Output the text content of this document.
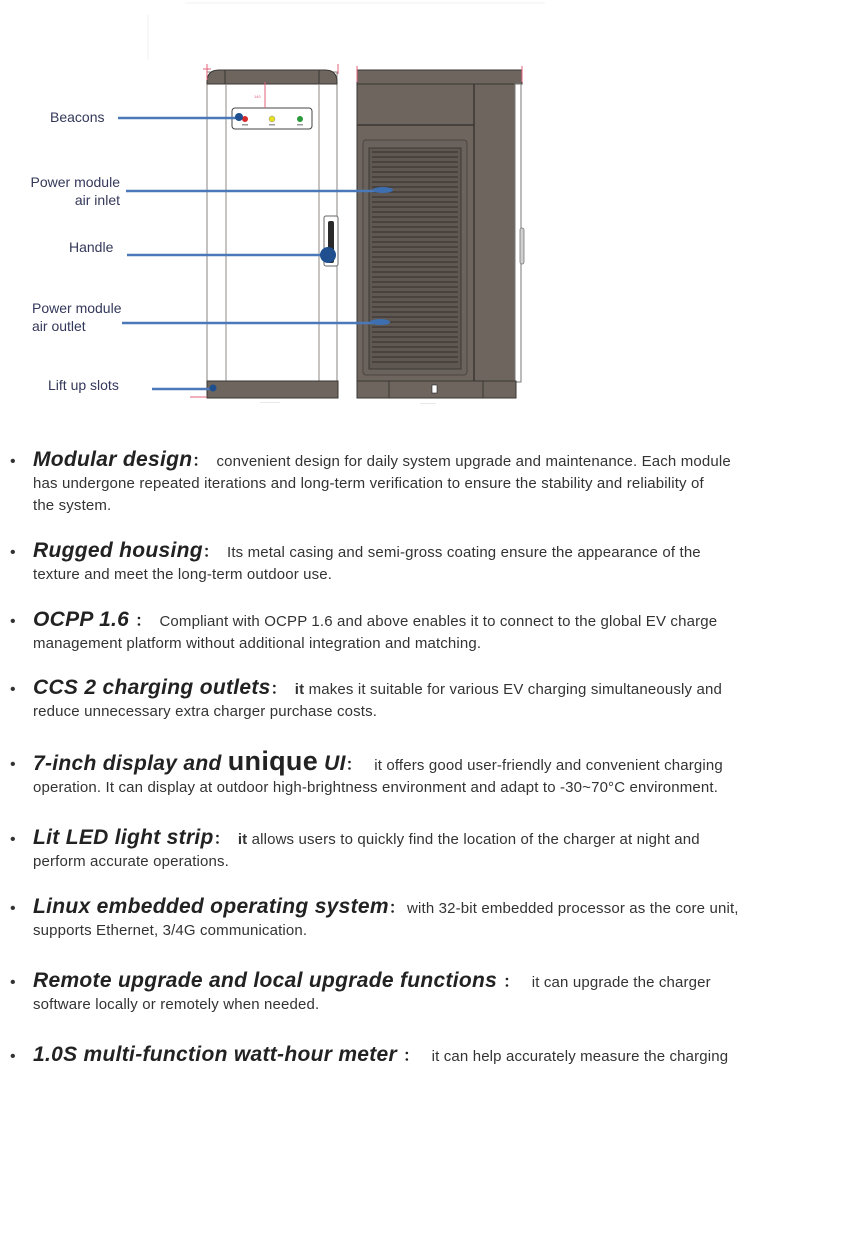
140
Beacons
Power module
air inlet
Handle
Power module
air outlet
Lift up slots
• Modular design： convenient design for daily system upgrade and maintenance. Each module
has undergone repeated iterations and long-term verification to ensure the stability and reliability of
the system.
• Rugged housing： Its metal casing and semi-gross coating ensure the appearance of the
texture and meet the long-term outdoor use.
• OCPP 1.6 ： Compliant with OCPP 1.6 and above enables it to connect to the global EV charge
management platform without additional integration and matching.
• CCS 2 charging outlets： it makes it suitable for various EV charging simultaneously and
reduce unnecessary extra charger purchase costs.
• 7-inch display and unique UI： it offers good user-friendly and convenient charging
operation. It can display at outdoor high-brightness environment and adapt to -30~70°C environment.
• Lit LED light strip： it allows users to quickly find the location of the charger at night and
perform accurate operations.
• Linux embedded operating system： with 32-bit embedded processor as the core unit,
supports Ethernet, 3/4G communication.
• Remote upgrade and local upgrade functions ： it can upgrade the charger
software locally or remotely when needed.
• 1.0S multi-function watt-hour meter ： it can help accurately measure the charging
